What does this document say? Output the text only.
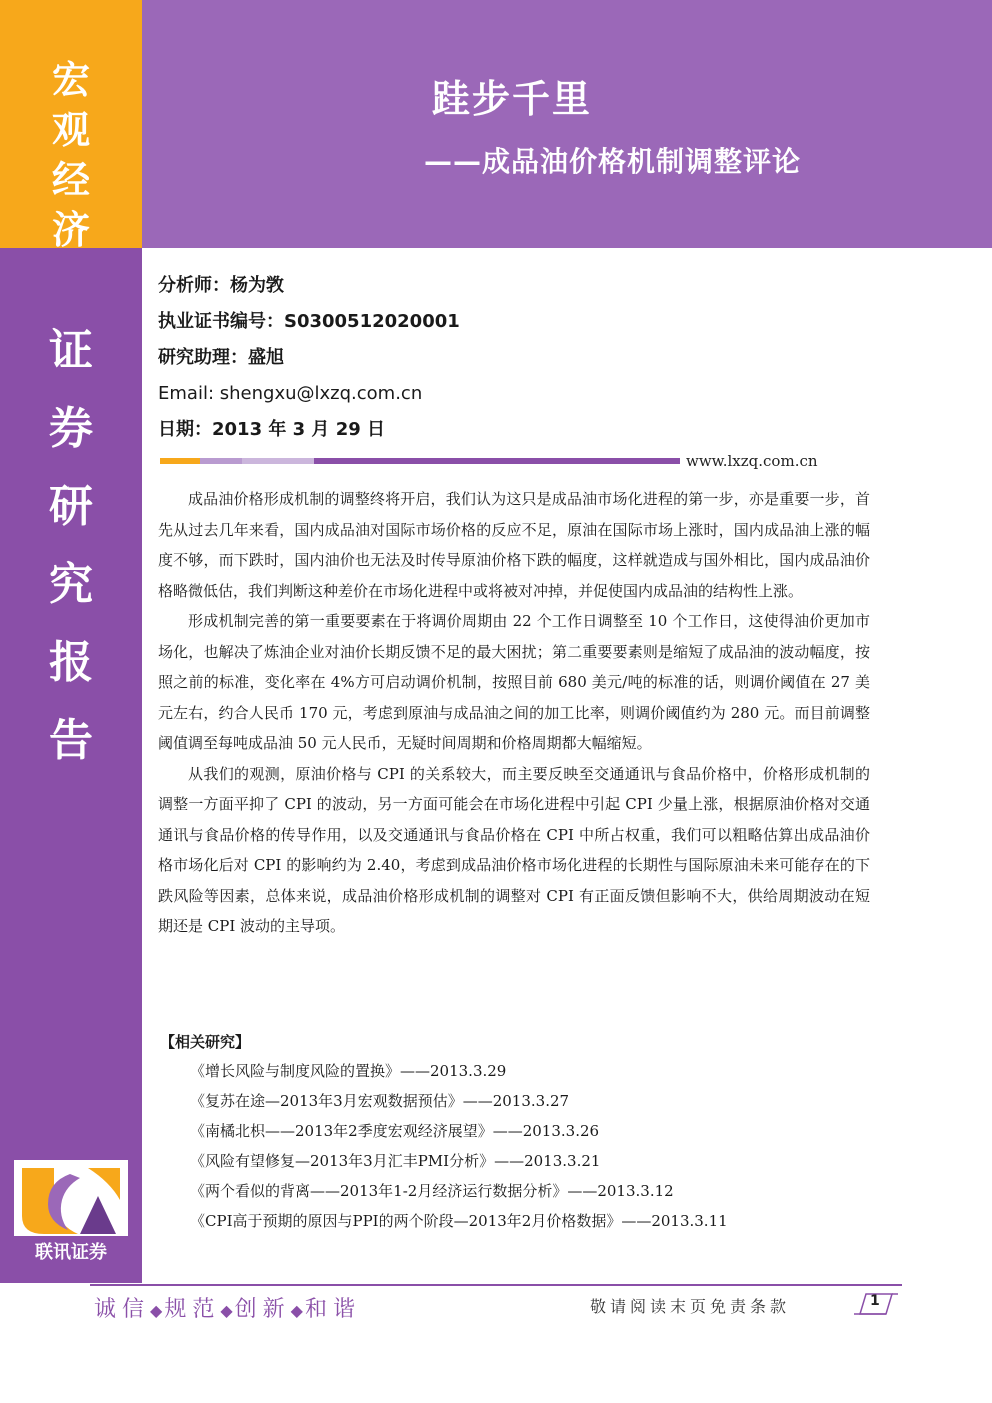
宏
观
经
济
证
券
研
究
报
告
跬步千里
——成品油价格机制调整评论
分析师：杨为敩
执业证书编号：S0300512020001
研究助理：盛旭
Email: shengxu@lxzq.com.cn
日期：2013 年 3 月 29 日
www.lxzq.com.cn

成品油价格形成机制的调整终将开启，我们认为这只是成品油市场化进程的第一步，亦是重要一步，首先从过去几年来看，国内成品油对国际市场价格的反应不足，原油在国际市场上涨时，国内成品油上涨的幅度不够，而下跌时，国内油价也无法及时传导原油价格下跌的幅度，这样就造成与国外相比，国内成品油价格略微低估，我们判断这种差价在市场化进程中或将被对冲掉，并促使国内成品油的结构性上涨。

形成机制完善的第一重要要素在于将调价周期由 22 个工作日调整至 10 个工作日，这使得油价更加市场化，也解决了炼油企业对油价长期反馈不足的最大困扰；第二重要要素则是缩短了成品油的波动幅度，按照之前的标准，变化率在 4%方可启动调价机制，按照目前 680 美元/吨的标准的话，则调价阈值在 27 美元左右，约合人民币 170 元，考虑到原油与成品油之间的加工比率，则调价阈值约为 280 元。而目前调整阈值调至每吨成品油 50 元人民币，无疑时间周期和价格周期都大幅缩短。

从我们的观测，原油价格与 CPI 的关系较大，而主要反映至交通通讯与食品价格中，价格形成机制的调整一方面平抑了 CPI 的波动，另一方面可能会在市场化进程中引起 CPI 少量上涨，根据原油价格对交通通讯与食品价格的传导作用，以及交通通讯与食品价格在 CPI 中所占权重，我们可以粗略估算出成品油价格市场化后对 CPI 的影响约为 2.40，考虑到成品油价格市场化进程的长期性与国际原油未来可能存在的下跌风险等因素，总体来说，成品油价格形成机制的调整对 CPI 有正面反馈但影响不大，供给周期波动在短期还是 CPI 波动的主导项。

【相关研究】
《增长风险与制度风险的置换》——2013.3.29
《复苏在途—2013年3月宏观数据预估》——2013.3.27
《南橘北枳——2013年2季度宏观经济展望》——2013.3.26
《风险有望修复—2013年3月汇丰PMI分析》——2013.3.21
《两个看似的背离——2013年1-2月经济运行数据分析》——2013.3.12
《CPI高于预期的原因与PPI的两个阶段—2013年2月价格数据》——2013.3.11
联讯证券
诚信◆规范◆创新◆和谐	敬请阅读末页免责条款	1
